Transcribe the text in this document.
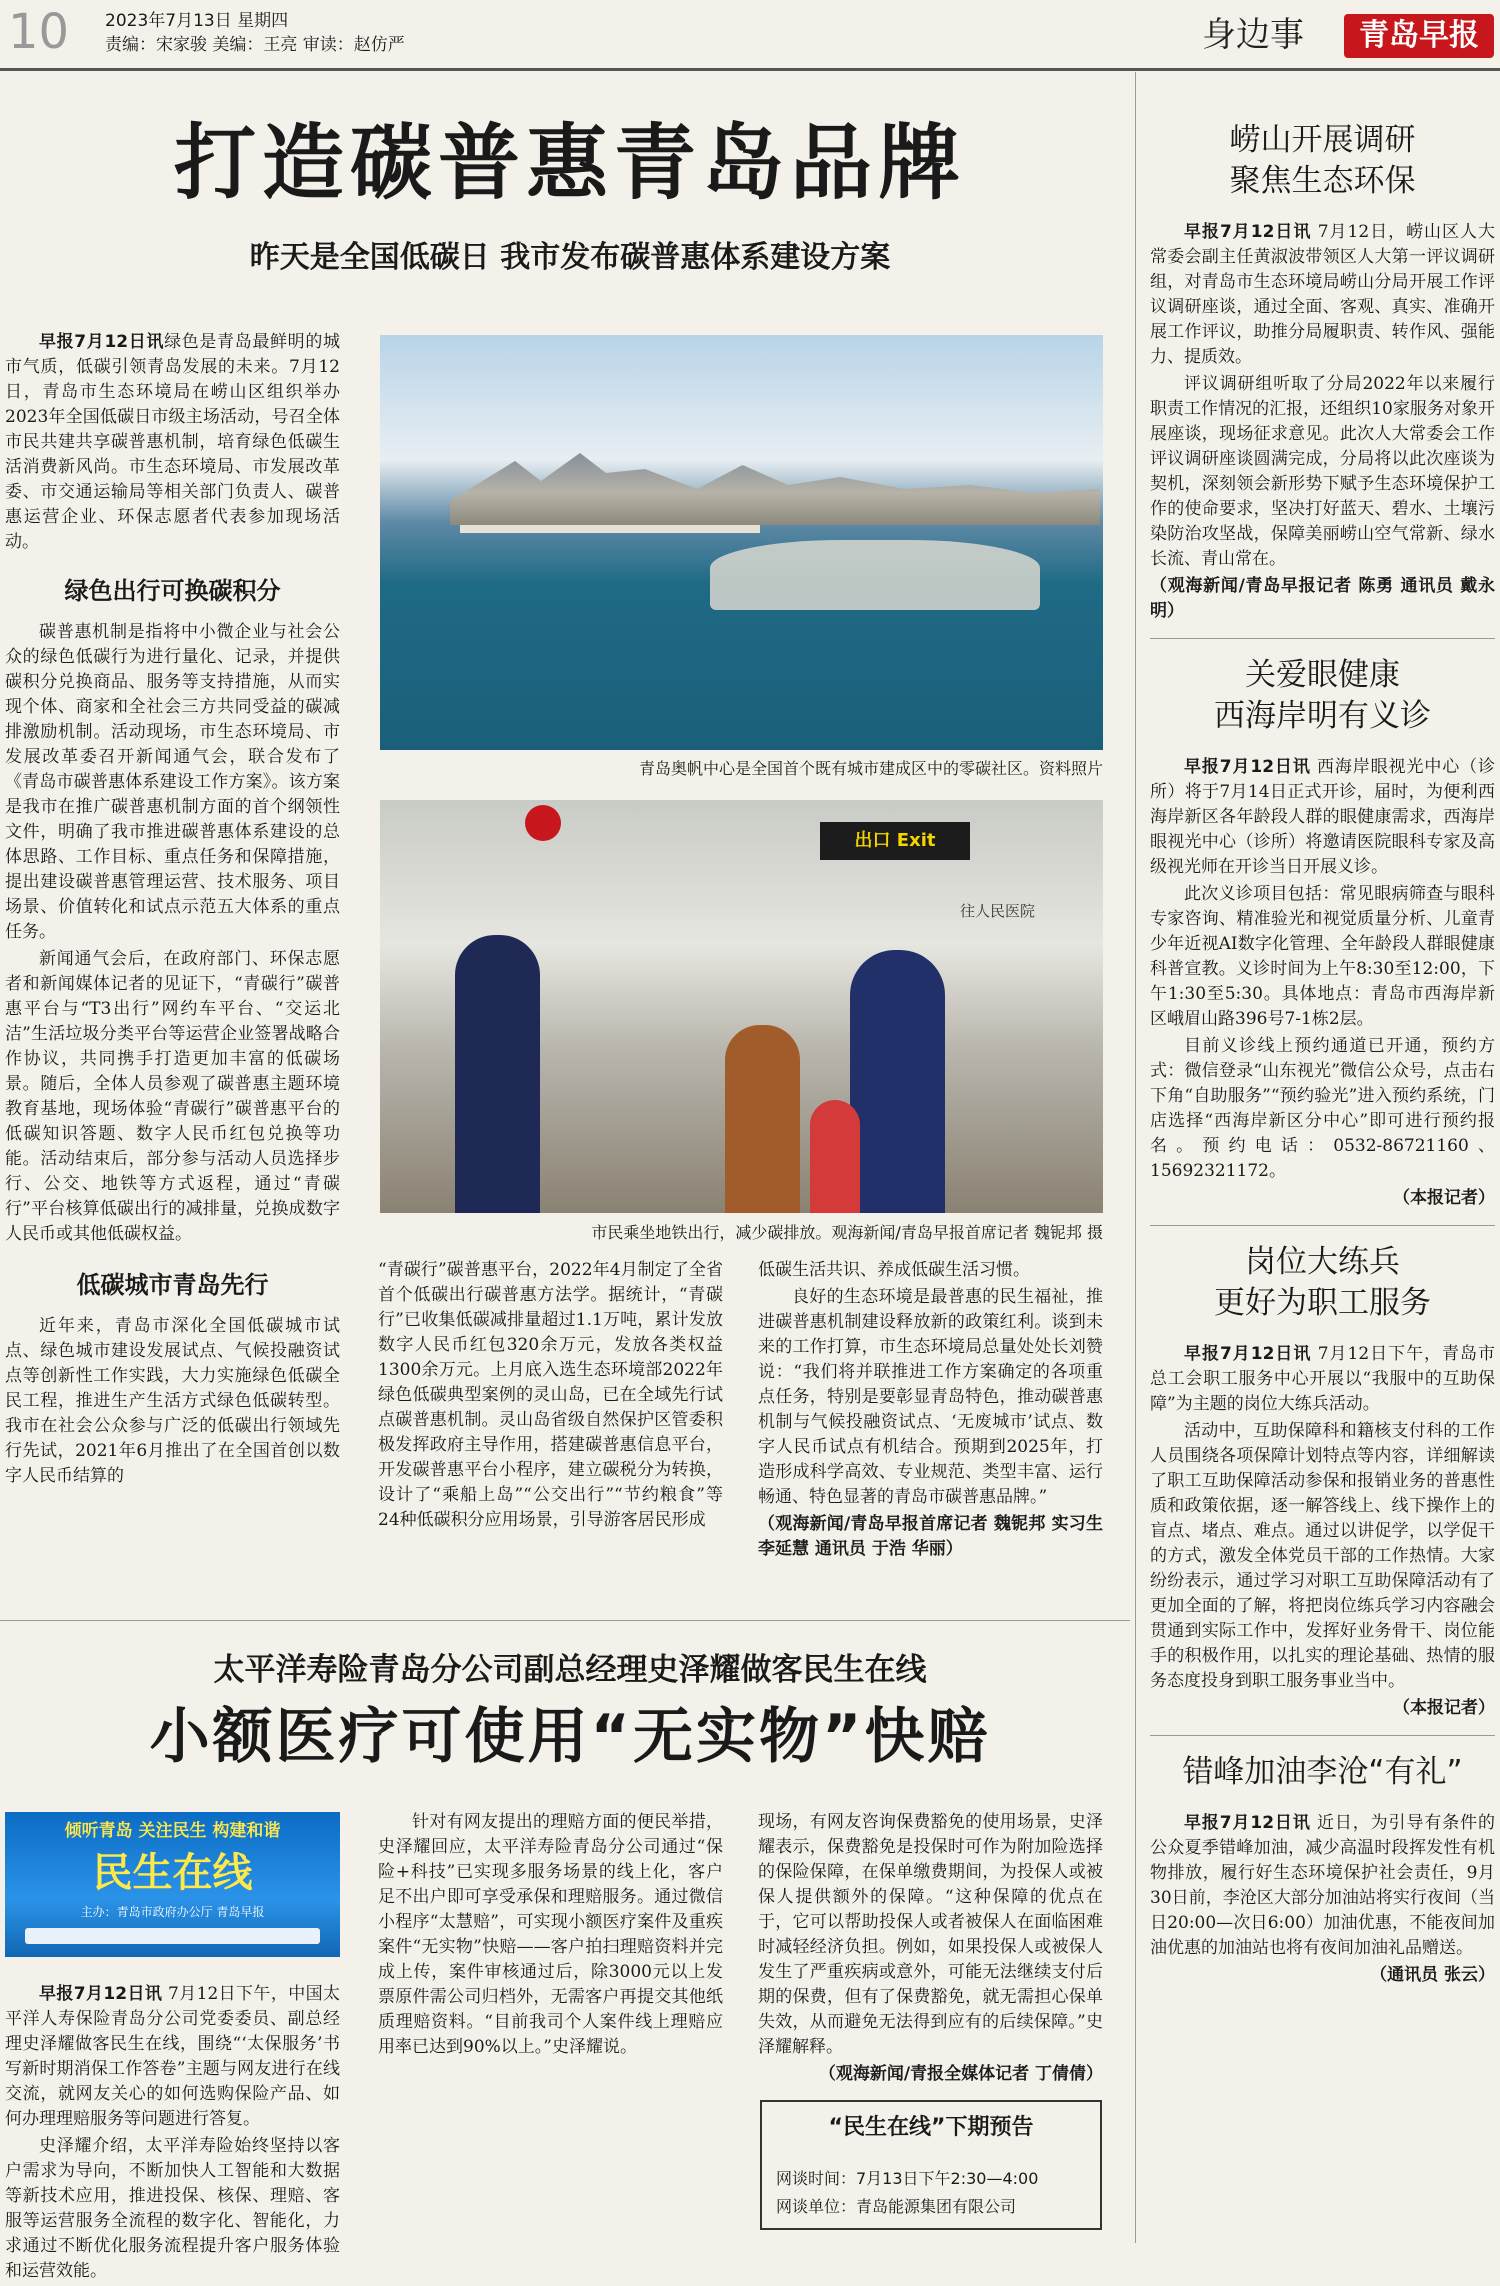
10 2023年7月13日 星期四
责编：宋家骏 美编：王亮 审读：赵仿严	身边事	青岛早报
打造碳普惠青岛品牌
昨天是全国低碳日 我市发布碳普惠体系建设方案

早报7月12日讯绿色是青岛最鲜明的城市气质，低碳引领青岛发展的未来。7月12日，青岛市生态环境局在崂山区组织举办2023年全国低碳日市级主场活动，号召全体市民共建共享碳普惠机制，培育绿色低碳生活消费新风尚。市生态环境局、市发展改革委、市交通运输局等相关部门负责人、碳普惠运营企业、环保志愿者代表参加现场活动。

绿色出行可换碳积分

碳普惠机制是指将中小微企业与社会公众的绿色低碳行为进行量化、记录，并提供碳积分兑换商品、服务等支持措施，从而实现个体、商家和全社会三方共同受益的碳减排激励机制。活动现场，市生态环境局、市发展改革委召开新闻通气会，联合发布了《青岛市碳普惠体系建设工作方案》。该方案是我市在推广碳普惠机制方面的首个纲领性文件，明确了我市推进碳普惠体系建设的总体思路、工作目标、重点任务和保障措施，提出建设碳普惠管理运营、技术服务、项目场景、价值转化和试点示范五大体系的重点任务。

新闻通气会后，在政府部门、环保志愿者和新闻媒体记者的见证下，“青碳行”碳普惠平台与“T3出行”网约车平台、“交运北洁”生活垃圾分类平台等运营企业签署战略合作协议，共同携手打造更加丰富的低碳场景。随后，全体人员参观了碳普惠主题环境教育基地，现场体验“青碳行”碳普惠平台的低碳知识答题、数字人民币红包兑换等功能。活动结束后，部分参与活动人员选择步行、公交、地铁等方式返程，通过“青碳行”平台核算低碳出行的减排量，兑换成数字人民币或其他低碳权益。

低碳城市青岛先行

近年来，青岛市深化全国低碳城市试点、绿色城市建设发展试点、气候投融资试点等创新性工作实践，大力实施绿色低碳全民工程，推进生产生活方式绿色低碳转型。我市在社会公众参与广泛的低碳出行领域先行先试，2021年6月推出了在全国首创以数字人民币结算的

青岛奥帆中心是全国首个既有城市建成区中的零碳社区。资料照片
出口 Exit
往人民医院
市民乘坐地铁出行，减少碳排放。观海新闻/青岛早报首席记者 魏铌邦 摄

“青碳行”碳普惠平台，2022年4月制定了全省首个低碳出行碳普惠方法学。据统计，“青碳行”已收集低碳减排量超过1.1万吨，累计发放数字人民币红包320余万元，发放各类权益1300余万元。上月底入选生态环境部2022年绿色低碳典型案例的灵山岛，已在全域先行试点碳普惠机制。灵山岛省级自然保护区管委积极发挥政府主导作用，搭建碳普惠信息平台，开发碳普惠平台小程序，建立碳税分为转换，设计了“乘船上岛”“公交出行”“节约粮食”等24种低碳积分应用场景，引导游客居民形成

低碳生活共识、养成低碳生活习惯。

良好的生态环境是最普惠的民生福祉，推进碳普惠机制建设释放新的政策红利。谈到未来的工作打算，市生态环境局总量处处长刘赞说：“我们将并联推进工作方案确定的各项重点任务，特别是要彰显青岛特色，推动碳普惠机制与气候投融资试点、‘无废城市’试点、数字人民币试点有机结合。预期到2025年，打造形成科学高效、专业规范、类型丰富、运行畅通、特色显著的青岛市碳普惠品牌。”

（观海新闻/青岛早报首席记者 魏铌邦 实习生 李延慧 通讯员 于浩 华丽）

太平洋寿险青岛分公司副总经理史泽耀做客民生在线
小额医疗可使用“无实物”快赔
倾听青岛 关注民生 构建和谐
民生在线
主办：青岛市政府办公厅 青岛早报

早报7月12日讯 7月12日下午，中国太平洋人寿保险青岛分公司党委委员、副总经理史泽耀做客民生在线，围绕“‘太保服务’书写新时期消保工作答卷”主题与网友进行在线交流，就网友关心的如何选购保险产品、如何办理理赔服务等问题进行答复。

史泽耀介绍，太平洋寿险始终坚持以客户需求为导向，不断加快人工智能和大数据等新技术应用，推进投保、核保、理赔、客服等运营服务全流程的数字化、智能化，力求通过不断优化服务流程提升客户服务体验和运营效能。

针对有网友提出的理赔方面的便民举措，史泽耀回应，太平洋寿险青岛分公司通过“保险+科技”已实现多服务场景的线上化，客户足不出户即可享受承保和理赔服务。通过微信小程序“太慧赔”，可实现小额医疗案件及重疾案件“无实物”快赔——客户拍扫理赔资料并完成上传，案件审核通过后，除3000元以上发票原件需公司归档外，无需客户再提交其他纸质理赔资料。“目前我司个人案件线上理赔应用率已达到90%以上。”史泽耀说。

现场，有网友咨询保费豁免的使用场景，史泽耀表示，保费豁免是投保时可作为附加险选择的保险保障，在保单缴费期间，为投保人或被保人提供额外的保障。“这种保障的优点在于，它可以帮助投保人或者被保人在面临困难时减轻经济负担。例如，如果投保人或被保人发生了严重疾病或意外，可能无法继续支付后期的保费，但有了保费豁免，就无需担心保单失效，从而避免无法得到应有的后续保障。”史泽耀解释。

（观海新闻/青报全媒体记者 丁倩倩）

“民生在线”下期预告
网谈时间：7月13日下午2:30—4:00
网谈单位：青岛能源集团有限公司
崂山开展调研
聚焦生态环保

早报7月12日讯 7月12日，崂山区人大常委会副主任黄淑波带领区人大第一评议调研组，对青岛市生态环境局崂山分局开展工作评议调研座谈，通过全面、客观、真实、准确开展工作评议，助推分局履职责、转作风、强能力、提质效。

评议调研组听取了分局2022年以来履行职责工作情况的汇报，还组织10家服务对象开展座谈，现场征求意见。此次人大常委会工作评议调研座谈圆满完成，分局将以此次座谈为契机，深刻领会新形势下赋予生态环境保护工作的使命要求，坚决打好蓝天、碧水、土壤污染防治攻坚战，保障美丽崂山空气常新、绿水长流、青山常在。

（观海新闻/青岛早报记者 陈勇 通讯员 戴永明）

关爱眼健康
西海岸明有义诊

早报7月12日讯 西海岸眼视光中心（诊所）将于7月14日正式开诊，届时，为便利西海岸新区各年龄段人群的眼健康需求，西海岸眼视光中心（诊所）将邀请医院眼科专家及高级视光师在开诊当日开展义诊。

此次义诊项目包括：常见眼病筛查与眼科专家咨询、精准验光和视觉质量分析、儿童青少年近视AI数字化管理、全年龄段人群眼健康科普宣教。义诊时间为上午8:30至12:00，下午1:30至5:30。具体地点：青岛市西海岸新区峨眉山路396号7-1栋2层。

目前义诊线上预约通道已开通，预约方式：微信登录“山东视光”微信公众号，点击右下角“自助服务”“预约验光”进入预约系统，门店选择“西海岸新区分中心”即可进行预约报名。预约电话：0532-86721160、15692321172。

（本报记者）

岗位大练兵
更好为职工服务

早报7月12日讯 7月12日下午，青岛市总工会职工服务中心开展以“我服中的互助保障”为主题的岗位大练兵活动。

活动中，互助保障科和籍核支付科的工作人员围绕各项保障计划特点等内容，详细解读了职工互助保障活动参保和报销业务的普惠性质和政策依据，逐一解答线上、线下操作上的盲点、堵点、难点。通过以讲促学，以学促干的方式，激发全体党员干部的工作热情。大家纷纷表示，通过学习对职工互助保障活动有了更加全面的了解，将把岗位练兵学习内容融会贯通到实际工作中，发挥好业务骨干、岗位能手的积极作用，以扎实的理论基础、热情的服务态度投身到职工服务事业当中。

（本报记者）

错峰加油李沧“有礼”

早报7月12日讯 近日，为引导有条件的公众夏季错峰加油，减少高温时段挥发性有机物排放，履行好生态环境保护社会责任，9月30日前，李沧区大部分加油站将实行夜间（当日20:00—次日6:00）加油优惠，不能夜间加油优惠的加油站也将有夜间加油礼品赠送。

（通讯员 张云）
